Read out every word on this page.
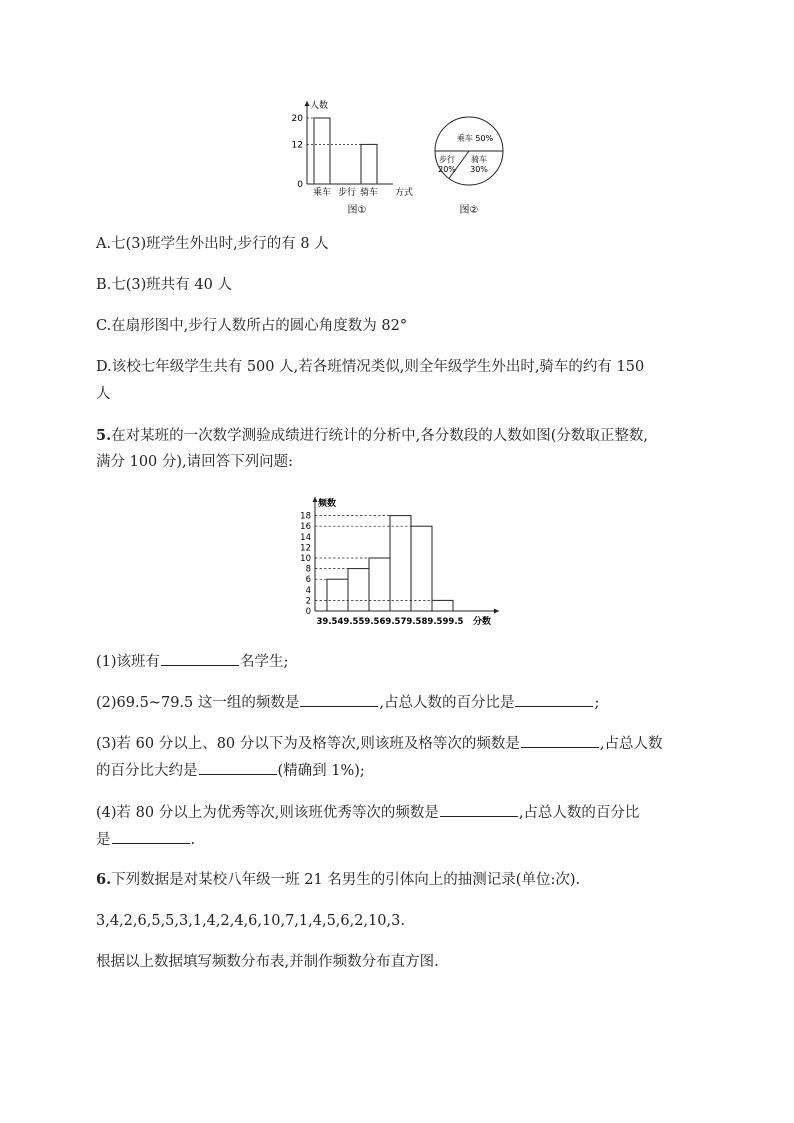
人数
方式
乘车 步行 骑车
0
12
20
图①
乘车 50%
步行
20%
骑车
30%
图②
A.七(3)班学生外出时,步行的有 8 人
B.七(3)班共有 40 人
C.在扇形图中,步行人数所占的圆心角度数为 82°
D.该校七年级学生共有 500 人,若各班情况类似,则全年级学生外出时,骑车的约有 150
人
5.在对某班的一次数学测验成绩进行统计的分析中,各分数段的人数如图(分数取正整数,
满分 100 分),请回答下列问题:
频数
分数
0
2
4
6
8
10
12
14
16
18
39.5 49.5 59.5 69.5 79.5 89.5 99.5
(1)该班有	名学生;
(2)69.5~79.5 这一组的频数是	,占总人数的百分比是	;
(3)若 60 分以上、80 分以下为及格等次,则该班及格等次的频数是	,占总人数
的百分比大约是	(精确到 1%);
(4)若 80 分以上为优秀等次,则该班优秀等次的频数是	,占总人数的百分比
是	.
6.下列数据是对某校八年级一班 21 名男生的引体向上的抽测记录(单位:次).
3,4,2,6,5,5,3,1,4,2,4,6,10,7,1,4,5,6,2,10,3.
根据以上数据填写频数分布表,并制作频数分布直方图.
